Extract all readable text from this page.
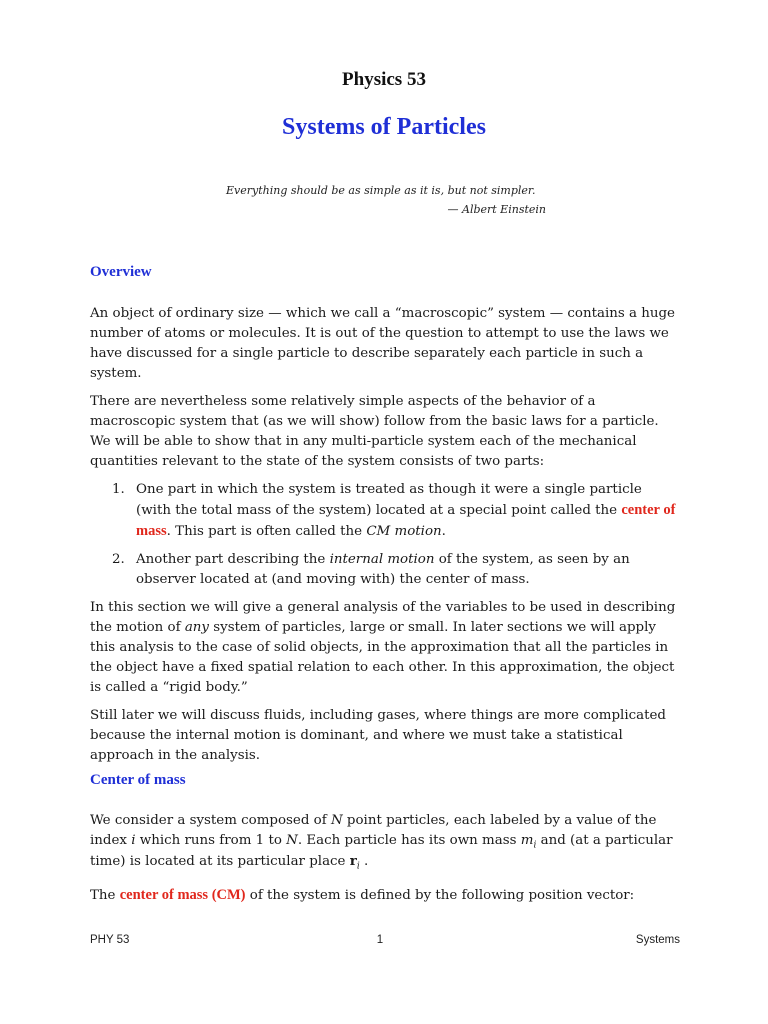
Physics 53
Systems of Particles
Everything should be as simple as it is, but not simpler.
— Albert Einstein
Overview

An object of ordinary size — which we call a “macroscopic” system — contains a huge number of atoms or molecules. It is out of the question to attempt to use the laws we have discussed for a single particle to describe separately each particle in such a system.

There are nevertheless some relatively simple aspects of the behavior of a macroscopic system that (as we will show) follow from the basic laws for a particle. We will be able to show that in any multi-particle system each of the mechanical quantities relevant to the state of the system consists of two parts:

1. One part in which the system is treated as though it were a single particle (with the total mass of the system) located at a special point called the center of mass. This part is often called the CM motion.
2. Another part describing the internal motion of the system, as seen by an observer located at (and moving with) the center of mass.

In this section we will give a general analysis of the variables to be used in describing the motion of any system of particles, large or small. In later sections we will apply this analysis to the case of solid objects, in the approximation that all the particles in the object have a fixed spatial relation to each other. In this approximation, the object is called a “rigid body.”

Still later we will discuss fluids, including gases, where things are more complicated because the internal motion is dominant, and where we must take a statistical approach in the analysis.

Center of mass

We consider a system composed of N point particles, each labeled by a value of the index i which runs from 1 to N. Each particle has its own mass $m_i$ and (at a particular time) is located at its particular place $r_i$ .

The center of mass (CM) of the system is defined by the following position vector:

PHY 53	1	Systems
